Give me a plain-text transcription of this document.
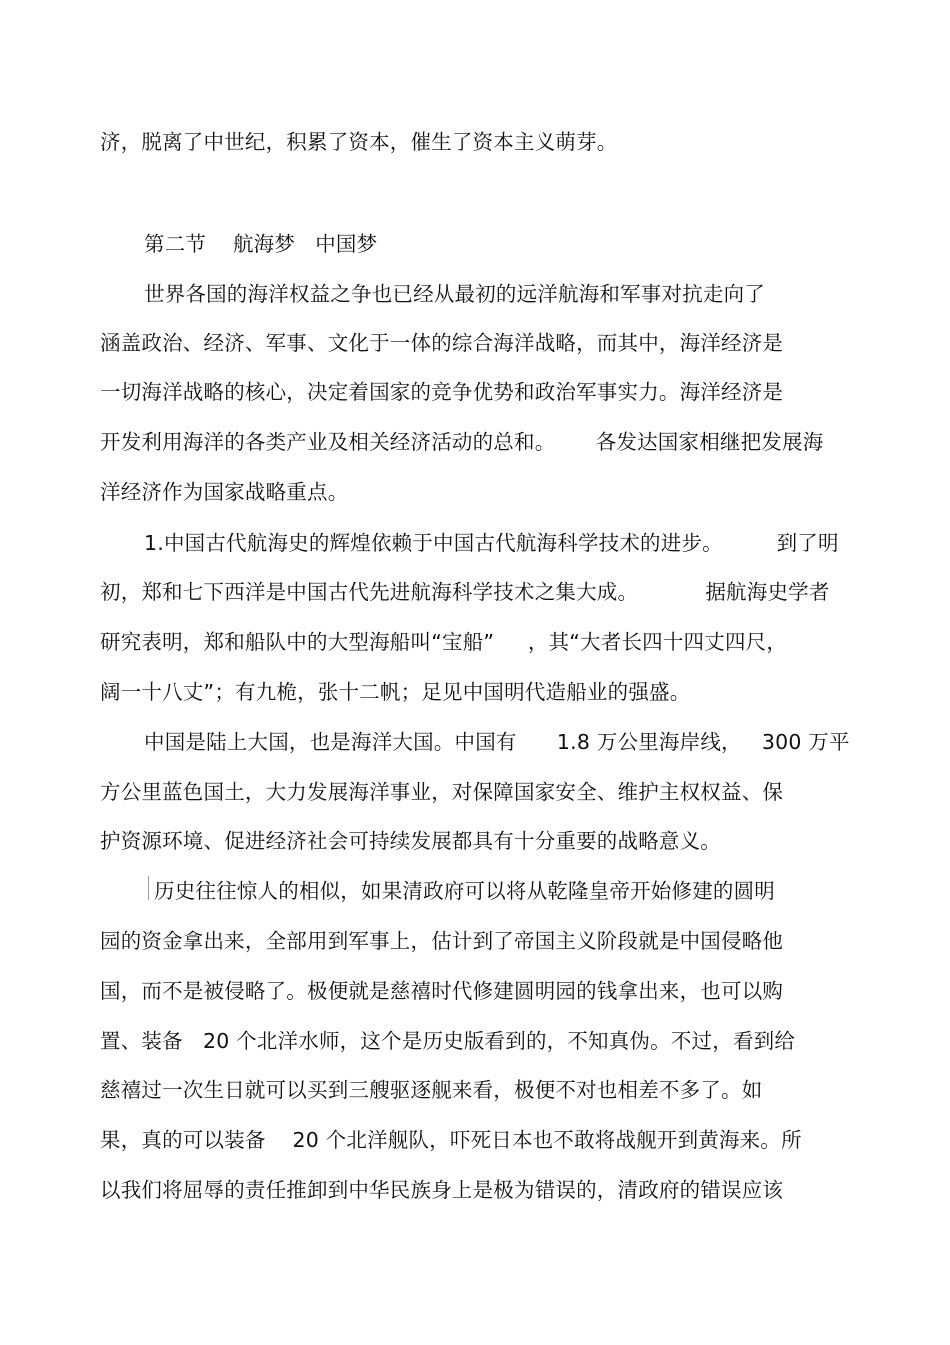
济，脱离了中世纪，积累了资本，催生了资本主义萌芽。
第二节    航海梦   中国梦
世界各国的海洋权益之争也已经从最初的远洋航海和军事对抗走向了
涵盖政治、经济、军事、文化于一体的综合海洋战略，而其中，海洋经济是
一切海洋战略的核心，决定着国家的竞争优势和政治军事实力。海洋经济是
开发利用海洋的各类产业及相关经济活动的总和。      各发达国家相继把发展海
洋经济作为国家战略重点。
1.中国古代航海史的辉煌依赖于中国古代航海科学技术的进步。        到了明
初，郑和七下西洋是中国古代先进航海科学技术之集大成。          据航海史学者
研究表明，郑和船队中的大型海船叫“宝船”     ，其“大者长四十四丈四尺，
阔一十八丈”；有九桅，张十二帆；足见中国明代造船业的强盛。
中国是陆上大国，也是海洋大国。中国有      1.8 万公里海岸线，   300 万平
方公里蓝色国土，大力发展海洋事业，对保障国家安全、维护主权权益、保
护资源环境、促进经济社会可持续发展都具有十分重要的战略意义。
历史往往惊人的相似，如果清政府可以将从乾隆皇帝开始修建的圆明
园的资金拿出来，全部用到军事上，估计到了帝国主义阶段就是中国侵略他
国，而不是被侵略了。极便就是慈禧时代修建圆明园的钱拿出来，也可以购
置、装备   20 个北洋水师，这个是历史版看到的，不知真伪。不过，看到给
慈禧过一次生日就可以买到三艘驱逐舰来看，极便不对也相差不多了。如
果，真的可以装备    20 个北洋舰队，吓死日本也不敢将战舰开到黄海来。所
以我们将屈辱的责任推卸到中华民族身上是极为错误的，清政府的错误应该
